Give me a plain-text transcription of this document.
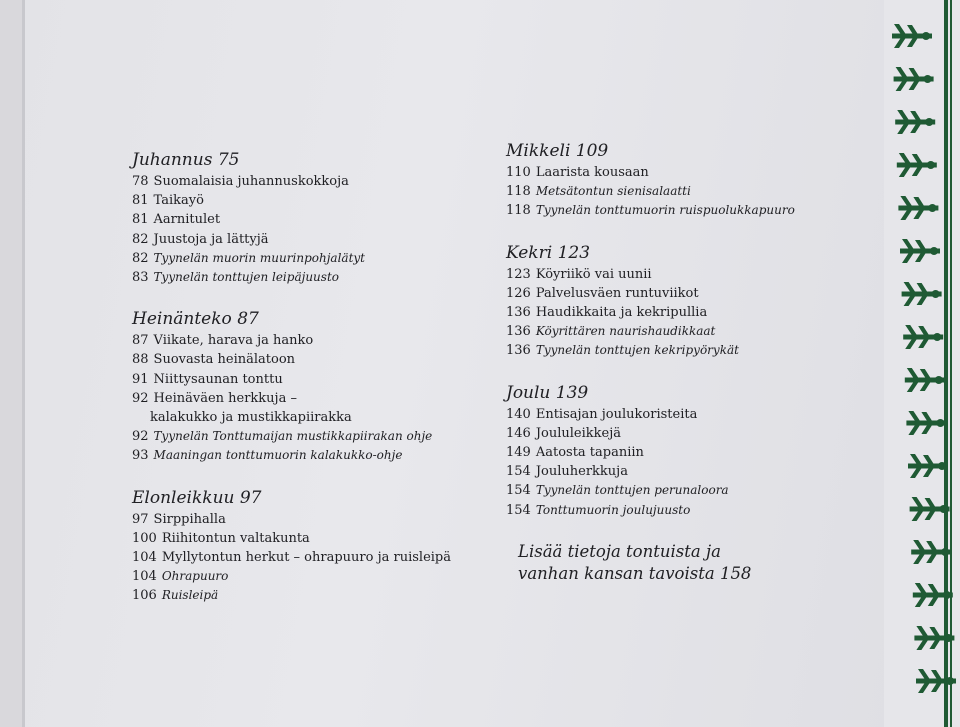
Juhannus 75
78 Suomalaisia juhannuskokkoja
81 Taikayö
81 Aarnitulet
82 Juustoja ja lättyjä
82 Tyynelän muorin muurinpohjalätyt
83 Tyynelän tonttujen leipäjuusto
Heinänteko 87
87 Viikate, harava ja hanko
88 Suovasta heinälatoon
91 Niittysaunan tonttu
92 Heinäväen herkkuja –
kalakukko ja mustikkapiirakka
92 Tyynelän Tonttumaijan mustikkapiirakan ohje
93 Maaningan tonttumuorin kalakukko-ohje
Elonleikkuu 97
97 Sirppihalla
100 Riihitontun valtakunta
104 Myllytontun herkut – ohrapuuro ja ruisleipä
104 Ohrapuuro
106 Ruisleipä
Mikkeli 109
110 Laarista kousaan
118 Metsätontun sienisalaatti
118 Tyynelän tonttumuorin ruispuolukkapuuro
Kekri 123
123 Köyriikö vai uunii
126 Palvelusväen runtuviikot
136 Haudikkaita ja kekripullia
136 Köyrittären naurishaudikkaat
136 Tyynelän tonttujen kekripyörykät
Joulu 139
140 Entisajan joulukoristeita
146 Joululeikkejä
149 Aatosta tapaniin
154 Jouluherkkuja
154 Tyynelän tonttujen perunaloora
154 Tonttumuorin joulujuusto
Lisää tietoja tontuista ja
vanhan kansan tavoista 158
